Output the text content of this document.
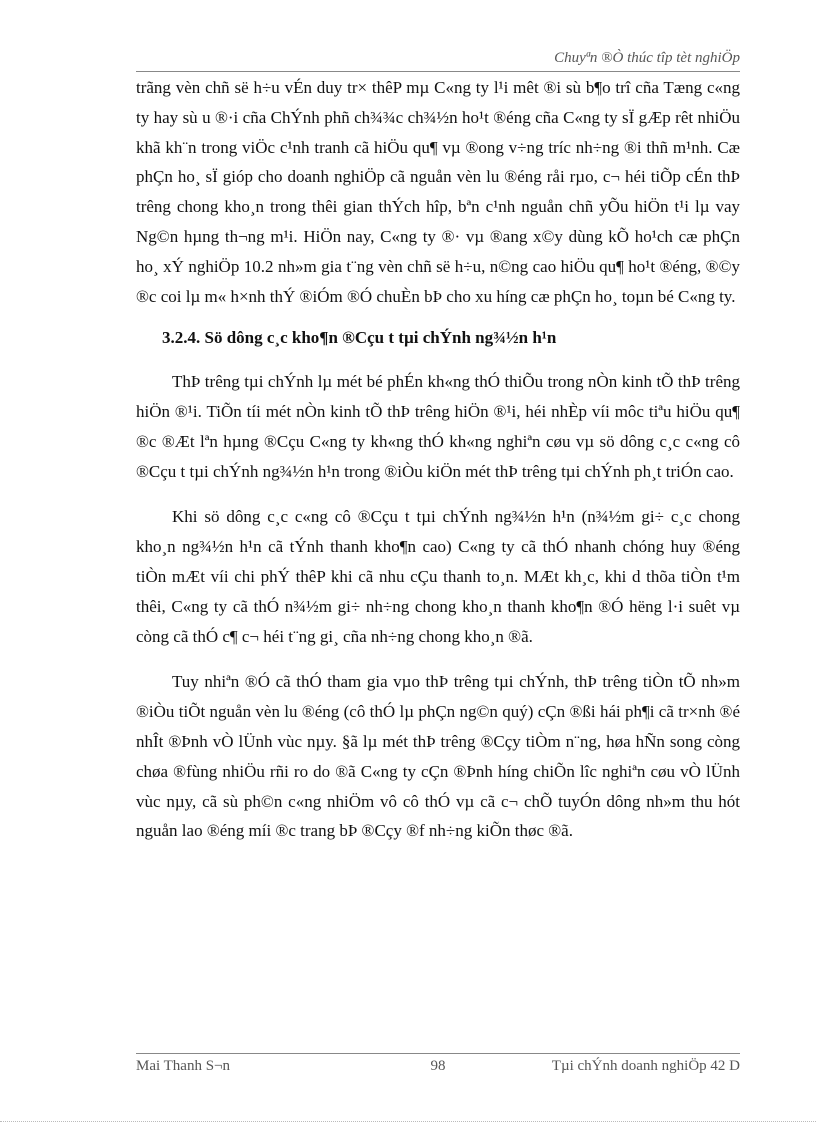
Chuyªn ®Ò thúc tîp tèt nghiÖp

trãng vèn chñ së h÷u vÉn duy tr× thêP mµ C«ng ty l¹i mêt ®i sù b¶o trî cña Tæng c«ng ty hay sù u ®·i cña ChÝnh phñ ch¾¾c ch¾½n ho¹t ®éng cña C«ng ty sÏ gÆp rêt nhiÖu khã kh¨n trong viÖc c¹nh tranh cã hiÖu qu¶ vµ ®ong v÷ng tríc nh÷ng ®i thñ m¹nh. Cæ phÇn ho¸ sÏ gióp cho doanh nghiÖp cã nguån vèn lu ®éng råi rµo, c¬ héi tiÕp cÉn thÞ trêng chong kho¸n trong thêi gian thÝch hîp, bªn c¹nh nguån chñ yÕu hiÖn t¹i lµ vay Ng©n hµng th¬ng m¹i. HiÖn nay, C«ng ty ®· vµ ®ang x©y dùng kÕ ho¹ch cæ phÇn ho¸ xÝ nghiÖp 10.2 nh»m gia t¨ng vèn chñ së h÷u, n©ng cao hiÖu qu¶ ho¹t ®éng, ®©y ®c coi lµ m« h×nh thÝ ®iÓm ®Ó chuÈn bÞ cho xu híng cæ phÇn ho¸ toµn bé C«ng ty.

3.2.4. Sö dông c¸c kho¶n ®Cçu t tµi chÝnh ng¾½n h¹n

ThÞ trêng tµi chÝnh lµ mét bé phÉn kh«ng thÓ thiÕu trong nÒn kinh tÕ thÞ trêng hiÖn ®¹i. TiÕn tíi mét nÒn kinh tÕ thÞ trêng hiÖn ®¹i, héi nhÈp víi môc tiªu hiÖu qu¶ ®c ®Æt lªn hµng ®Cçu C«ng ty kh«ng thÓ kh«ng nghiªn cøu vµ sö dông c¸c c«ng cô ®Cçu t tµi chÝnh ng¾½n h¹n trong ®iÒu kiÖn mét thÞ trêng tµi chÝnh ph¸t triÓn cao.

Khi sö dông c¸c c«ng cô ®Cçu t tµi chÝnh ng¾½n h¹n (n¾½m gi÷ c¸c chong kho¸n ng¾½n h¹n cã tÝnh thanh kho¶n cao) C«ng ty cã thÓ nhanh chóng huy ®éng tiÒn mÆt víi chi phÝ thêP khi cã nhu cÇu thanh to¸n. MÆt kh¸c, khi d thõa tiÒn t¹m thêi, C«ng ty cã thÓ n¾½m gi÷ nh÷ng chong kho¸n thanh kho¶n ®Ó hëng l·i suêt vµ còng cã thÓ c¶ c¬ héi t¨ng gi¸ cña nh÷ng chong kho¸n ®ã.

Tuy nhiªn ®Ó cã thÓ tham gia vµo thÞ trêng tµi chÝnh, thÞ trêng tiÒn tÕ nh»m ®iÒu tiÕt nguån vèn lu ®éng (cô thÓ lµ phÇn ng©n quý) cÇn ®ßi hái ph¶i cã tr×nh ®é nhÎt ®Þnh vÒ lÜnh vùc nµy. §ã lµ mét thÞ trêng ®Cçy tiÒm n¨ng, høa hÑn song còng chøa ®fùng nhiÖu rñi ro do ®ã C«ng ty cÇn ®Þnh híng chiÕn lîc nghiªn cøu vÒ lÜnh vùc nµy, cã sù ph©n c«ng nhiÖm vô cô thÓ vµ cã c¬ chÕ tuyÓn dông nh»m thu hót nguån lao ®éng míi ®c trang bÞ ®Cçy ®f nh÷ng kiÕn thøc ®ã.

Mai Thanh S¬n	98	Tµi chÝnh doanh nghiÖp 42 D
